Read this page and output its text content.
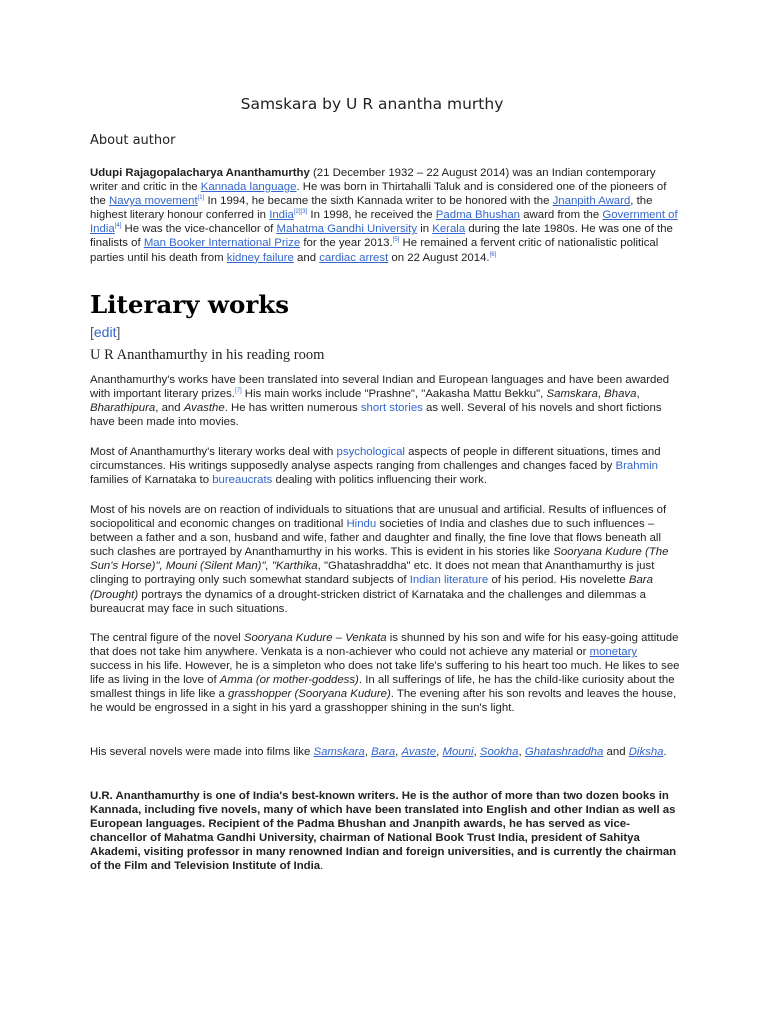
Samskara by U R anantha murthy
About author
Udupi Rajagopalacharya Ananthamurthy (21 December 1932 – 22 August 2014) was an Indian contemporary writer and critic in the Kannada language. He was born in Thirtahalli Taluk and is considered one of the pioneers of the Navya movement[1] In 1994, he became the sixth Kannada writer to be honored with the Jnanpith Award, the highest literary honour conferred in India[2][3] In 1998, he received the Padma Bhushan award from the Government of India[4] He was the vice-chancellor of Mahatma Gandhi University in Kerala during the late 1980s. He was one of the finalists of Man Booker International Prize for the year 2013.[5] He remained a fervent critic of nationalistic political parties until his death from kidney failure and cardiac arrest on 22 August 2014.[6]
Literary works
[edit]
U R Ananthamurthy in his reading room
Ananthamurthy's works have been translated into several Indian and European languages and have been awarded with important literary prizes.[7] His main works include "Prashne", "Aakasha Mattu Bekku", Samskara, Bhava, Bharathipura, and Avasthe. He has written numerous short stories as well. Several of his novels and short fictions have been made into movies.
Most of Ananthamurthy's literary works deal with psychological aspects of people in different situations, times and circumstances. His writings supposedly analyse aspects ranging from challenges and changes faced by Brahmin families of Karnataka to bureaucrats dealing with politics influencing their work.
Most of his novels are on reaction of individuals to situations that are unusual and artificial. Results of influences of sociopolitical and economic changes on traditional Hindu societies of India and clashes due to such influences – between a father and a son, husband and wife, father and daughter and finally, the fine love that flows beneath all such clashes are portrayed by Ananthamurthy in his works. This is evident in his stories like Sooryana Kudure (The Sun's Horse)", Mouni (Silent Man)", "Karthika, "Ghatashraddha" etc. It does not mean that Ananthamurthy is just clinging to portraying only such somewhat standard subjects of Indian literature of his period. His novelette Bara (Drought) portrays the dynamics of a drought-stricken district of Karnataka and the challenges and dilemmas a bureaucrat may face in such situations.
The central figure of the novel Sooryana Kudure – Venkata is shunned by his son and wife for his easy-going attitude that does not take him anywhere. Venkata is a non-achiever who could not achieve any material or monetary success in his life. However, he is a simpleton who does not take life's suffering to his heart too much. He likes to see life as living in the love of Amma (or mother-goddess). In all sufferings of life, he has the child-like curiosity about the smallest things in life like a grasshopper (Sooryana Kudure). The evening after his son revolts and leaves the house, he would be engrossed in a sight in his yard a grasshopper shining in the sun's light.
His several novels were made into films like Samskara, Bara, Avaste, Mouni, Sookha, Ghatashraddha and Diksha.
U.R. Ananthamurthy is one of India's best-known writers. He is the author of more than two dozen books in Kannada, including five novels, many of which have been translated into English and other Indian as well as European languages. Recipient of the Padma Bhushan and Jnanpith awards, he has served as vice-chancellor of Mahatma Gandhi University, chairman of National Book Trust India, president of Sahitya Akademi, visiting professor in many renowned Indian and foreign universities, and is currently the chairman of the Film and Television Institute of India.
